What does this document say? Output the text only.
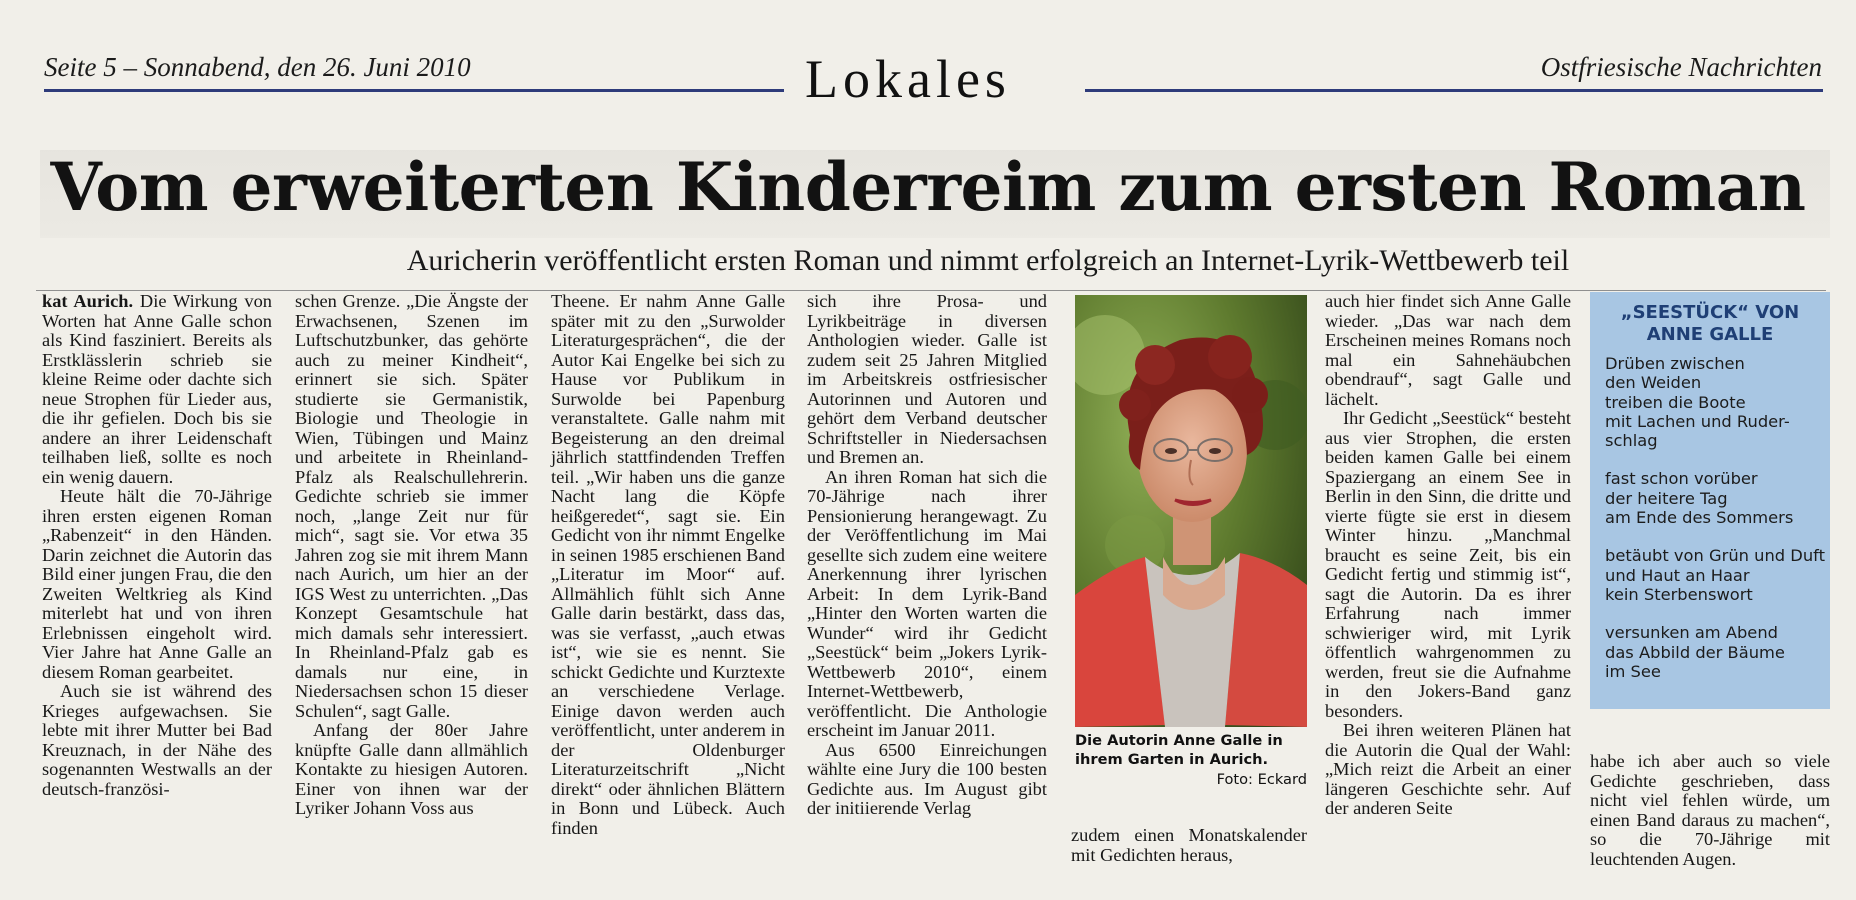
Seite 5 – Sonnabend, den 26. Juni 2010	Lokales	Ostfriesische Nachrichten
Vom erweiterten Kinderreim zum ersten Roman
Auricherin veröffentlicht ersten Roman und nimmt erfolgreich an Internet-Lyrik-Wettbewerb teil

kat Aurich. Die Wirkung von Worten hat Anne Galle schon als Kind fasziniert. Bereits als Erstklässlerin schrieb sie kleine Reime oder dachte sich neue Strophen für Lieder aus, die ihr gefielen. Doch bis sie andere an ihrer Leidenschaft teilhaben ließ, sollte es noch ein wenig dauern.

Heute hält die 70-Jährige ihren ersten eigenen Roman „Rabenzeit“ in den Händen. Darin zeichnet die Autorin das Bild einer jungen Frau, die den Zweiten Weltkrieg als Kind miterlebt hat und von ihren Erlebnissen eingeholt wird. Vier Jahre hat Anne Galle an diesem Roman gearbeitet.

Auch sie ist während des Krieges aufgewachsen. Sie lebte mit ihrer Mutter bei Bad Kreuznach, in der Nähe des sogenannten Westwalls an der deutsch-französi-

schen Grenze. „Die Ängste der Erwachsenen, Szenen im Luftschutzbunker, das gehörte auch zu meiner Kindheit“, erinnert sie sich. Später studierte sie Germanistik, Biologie und Theologie in Wien, Tübingen und Mainz und arbeitete in Rheinland-Pfalz als Realschullehrerin. Gedichte schrieb sie immer noch, „lange Zeit nur für mich“, sagt sie. Vor etwa 35 Jahren zog sie mit ihrem Mann nach Aurich, um hier an der IGS West zu unterrichten. „Das Konzept Gesamtschule hat mich damals sehr interessiert. In Rheinland-Pfalz gab es damals nur eine, in Niedersachsen schon 15 dieser Schulen“, sagt Galle.

Anfang der 80er Jahre knüpfte Galle dann allmählich Kontakte zu hiesigen Autoren. Einer von ihnen war der Lyriker Johann Voss aus

Theene. Er nahm Anne Galle später mit zu den „Surwolder Literaturgesprächen“, die der Autor Kai Engelke bei sich zu Hause vor Publikum in Surwolde bei Papenburg veranstaltete. Galle nahm mit Begeisterung an den dreimal jährlich stattfindenden Treffen teil. „Wir haben uns die ganze Nacht lang die Köpfe heißgeredet“, sagt sie. Ein Gedicht von ihr nimmt Engelke in seinen 1985 erschienen Band „Literatur im Moor“ auf. Allmählich fühlt sich Anne Galle darin bestärkt, dass das, was sie verfasst, „auch etwas ist“, wie sie es nennt. Sie schickt Gedichte und Kurztexte an verschiedene Verlage. Einige davon werden auch veröffentlicht, unter anderem in der Oldenburger Literaturzeitschrift „Nicht direkt“ oder ähnlichen Blättern in Bonn und Lübeck. Auch finden

sich ihre Prosa- und Lyrikbeiträge in diversen Anthologien wieder. Galle ist zudem seit 25 Jahren Mitglied im Arbeitskreis ostfriesischer Autorinnen und Autoren und gehört dem Verband deutscher Schriftsteller in Niedersachsen und Bremen an.

An ihren Roman hat sich die 70-Jährige nach ihrer Pensionierung herangewagt. Zu der Veröffentlichung im Mai gesellte sich zudem eine weitere Anerkennung ihrer lyrischen Arbeit: In dem Lyrik-Band „Hinter den Worten warten die Wunder“ wird ihr Gedicht „Seestück“ beim „Jokers Lyrik-Wettbewerb 2010“, einem Internet-Wettbewerb, veröffentlicht. Die Anthologie erscheint im Januar 2011.

Aus 6500 Einreichungen wählte eine Jury die 100 besten Gedichte aus. Im August gibt der initiierende Verlag

zudem einen Monatskalender mit Gedichten heraus,

auch hier findet sich Anne Galle wieder. „Das war nach dem Erscheinen meines Romans noch mal ein Sahnehäubchen obendrauf“, sagt Galle und lächelt.

Ihr Gedicht „Seestück“ besteht aus vier Strophen, die ersten beiden kamen Galle bei einem Spaziergang an einem See in Berlin in den Sinn, die dritte und vierte fügte sie erst in diesem Winter hinzu. „Manchmal braucht es seine Zeit, bis ein Gedicht fertig und stimmig ist“, sagt die Autorin. Da es ihrer Erfahrung nach immer schwieriger wird, mit Lyrik öffentlich wahrgenommen zu werden, freut sie die Aufnahme in den Jokers-Band ganz besonders.

Bei ihren weiteren Plänen hat die Autorin die Qual der Wahl: „Mich reizt die Arbeit an einer längeren Geschichte sehr. Auf der anderen Seite

habe ich aber auch so viele Gedichte geschrieben, dass nicht viel fehlen würde, um einen Band daraus zu machen“, so die 70-Jährige mit leuchtenden Augen.

Die Autorin Anne Galle in ihrem Garten in Aurich.
Foto: Eckard
„SEESTÜCK“ VON ANNE GALLE
Drüben zwischen
den Weiden
treiben die Boote
mit Lachen und Ruder-
schlag
fast schon vorüber
der heitere Tag
am Ende des Sommers
betäubt von Grün und Duft
und Haut an Haar
kein Sterbenswort
versunken am Abend
das Abbild der Bäume
im See
